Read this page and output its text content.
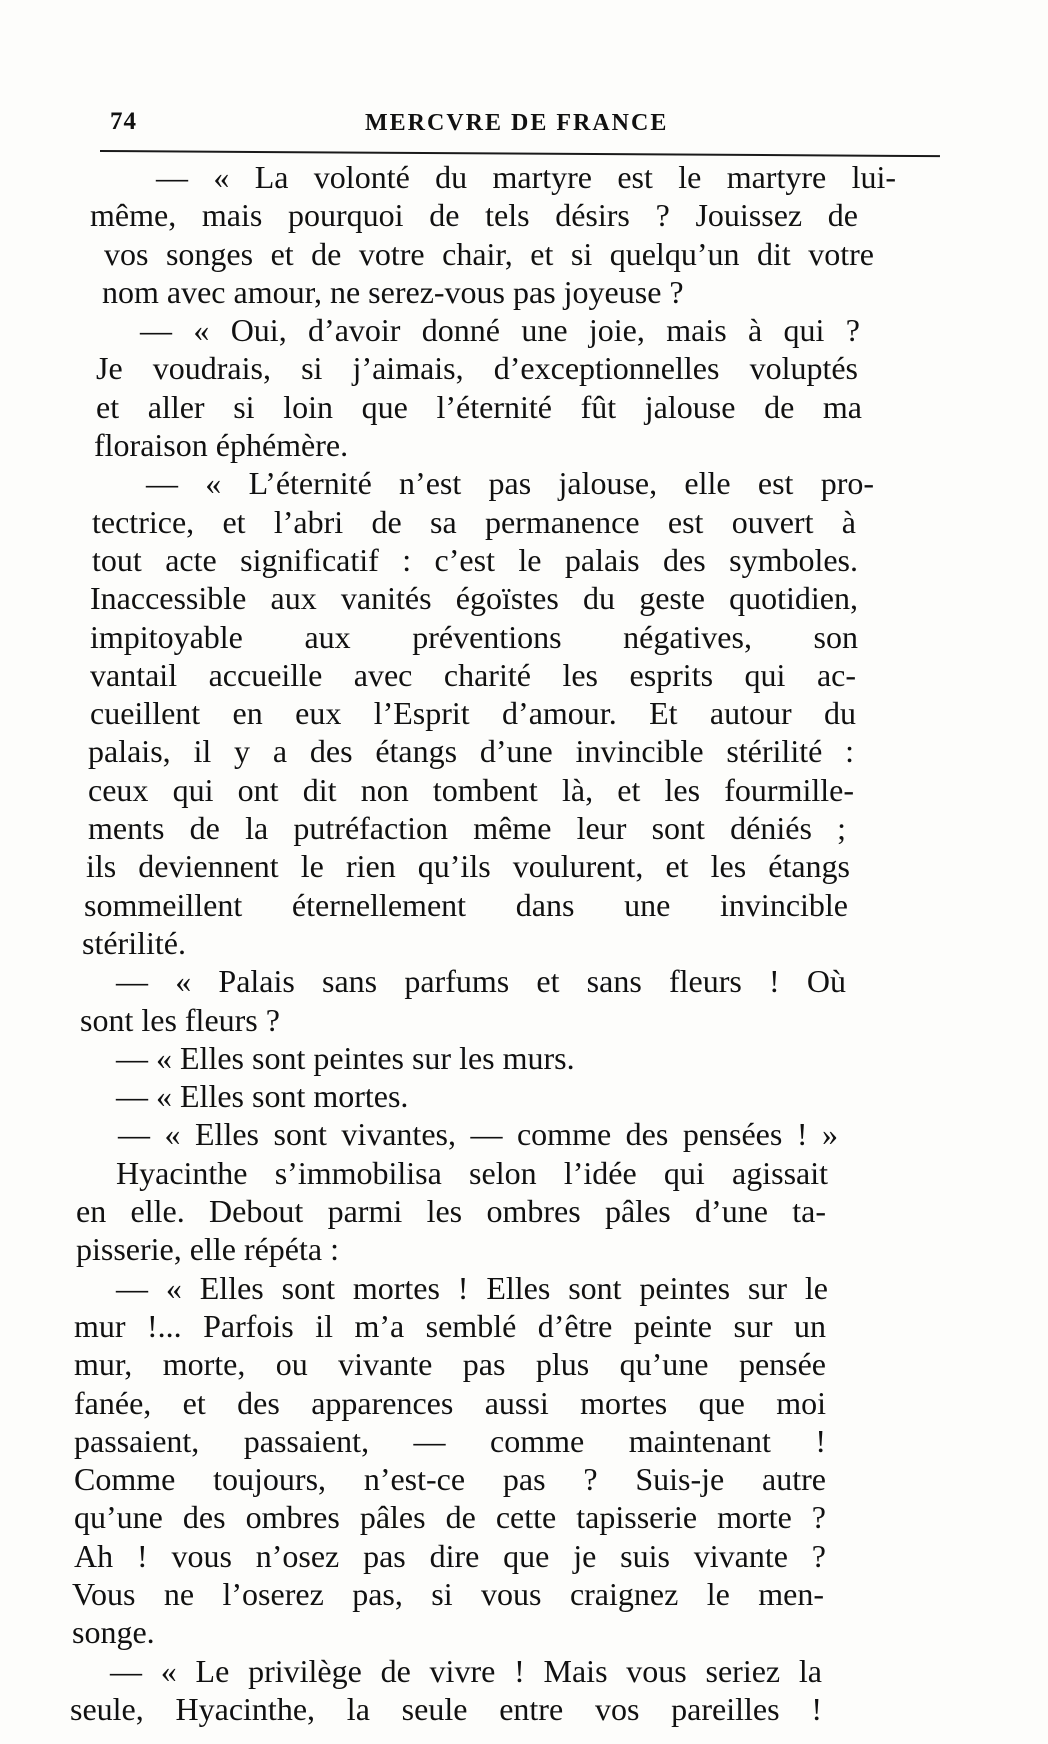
74	MERCVRE DE FRANCE
— « La volonté du martyre est le martyre lui-
même, mais pourquoi de tels désirs ? Jouissez de
vos songes et de votre chair, et si quelqu’un dit votre
nom avec amour, ne serez-vous pas joyeuse ?
— « Oui, d’avoir donné une joie, mais à qui ?
Je voudrais, si j’aimais, d’exceptionnelles voluptés
et aller si loin que l’éternité fût jalouse de ma
floraison éphémère.
— « L’éternité n’est pas jalouse, elle est pro-
tectrice, et l’abri de sa permanence est ouvert à
tout acte significatif : c’est le palais des symboles.
Inaccessible aux vanités égoïstes du geste quotidien,
impitoyable aux préventions négatives, son
vantail accueille avec charité les esprits qui ac-
cueillent en eux l’Esprit d’amour. Et autour du
palais, il y a des étangs d’une invincible stérilité :
ceux qui ont dit non tombent là, et les fourmille-
ments de la putréfaction même leur sont déniés ;
ils deviennent le rien qu’ils voulurent, et les étangs
sommeillent éternellement dans une invincible
stérilité.
— « Palais sans parfums et sans fleurs ! Où
sont les fleurs ?
— « Elles sont peintes sur les murs.
— « Elles sont mortes.
— « Elles sont vivantes, — comme des pensées ! »
Hyacinthe s’immobilisa selon l’idée qui agissait
en elle. Debout parmi les ombres pâles d’une ta-
pisserie, elle répéta :
— « Elles sont mortes ! Elles sont peintes sur le
mur !... Parfois il m’a semblé d’être peinte sur un
mur, morte, ou vivante pas plus qu’une pensée
fanée, et des apparences aussi mortes que moi
passaient, passaient, — comme maintenant !
Comme toujours, n’est-ce pas ? Suis-je autre
qu’une des ombres pâles de cette tapisserie morte ?
Ah ! vous n’osez pas dire que je suis vivante ?
Vous ne l’oserez pas, si vous craignez le men-
songe.
— « Le privilège de vivre ! Mais vous seriez la
seule, Hyacinthe, la seule entre vos pareilles !
